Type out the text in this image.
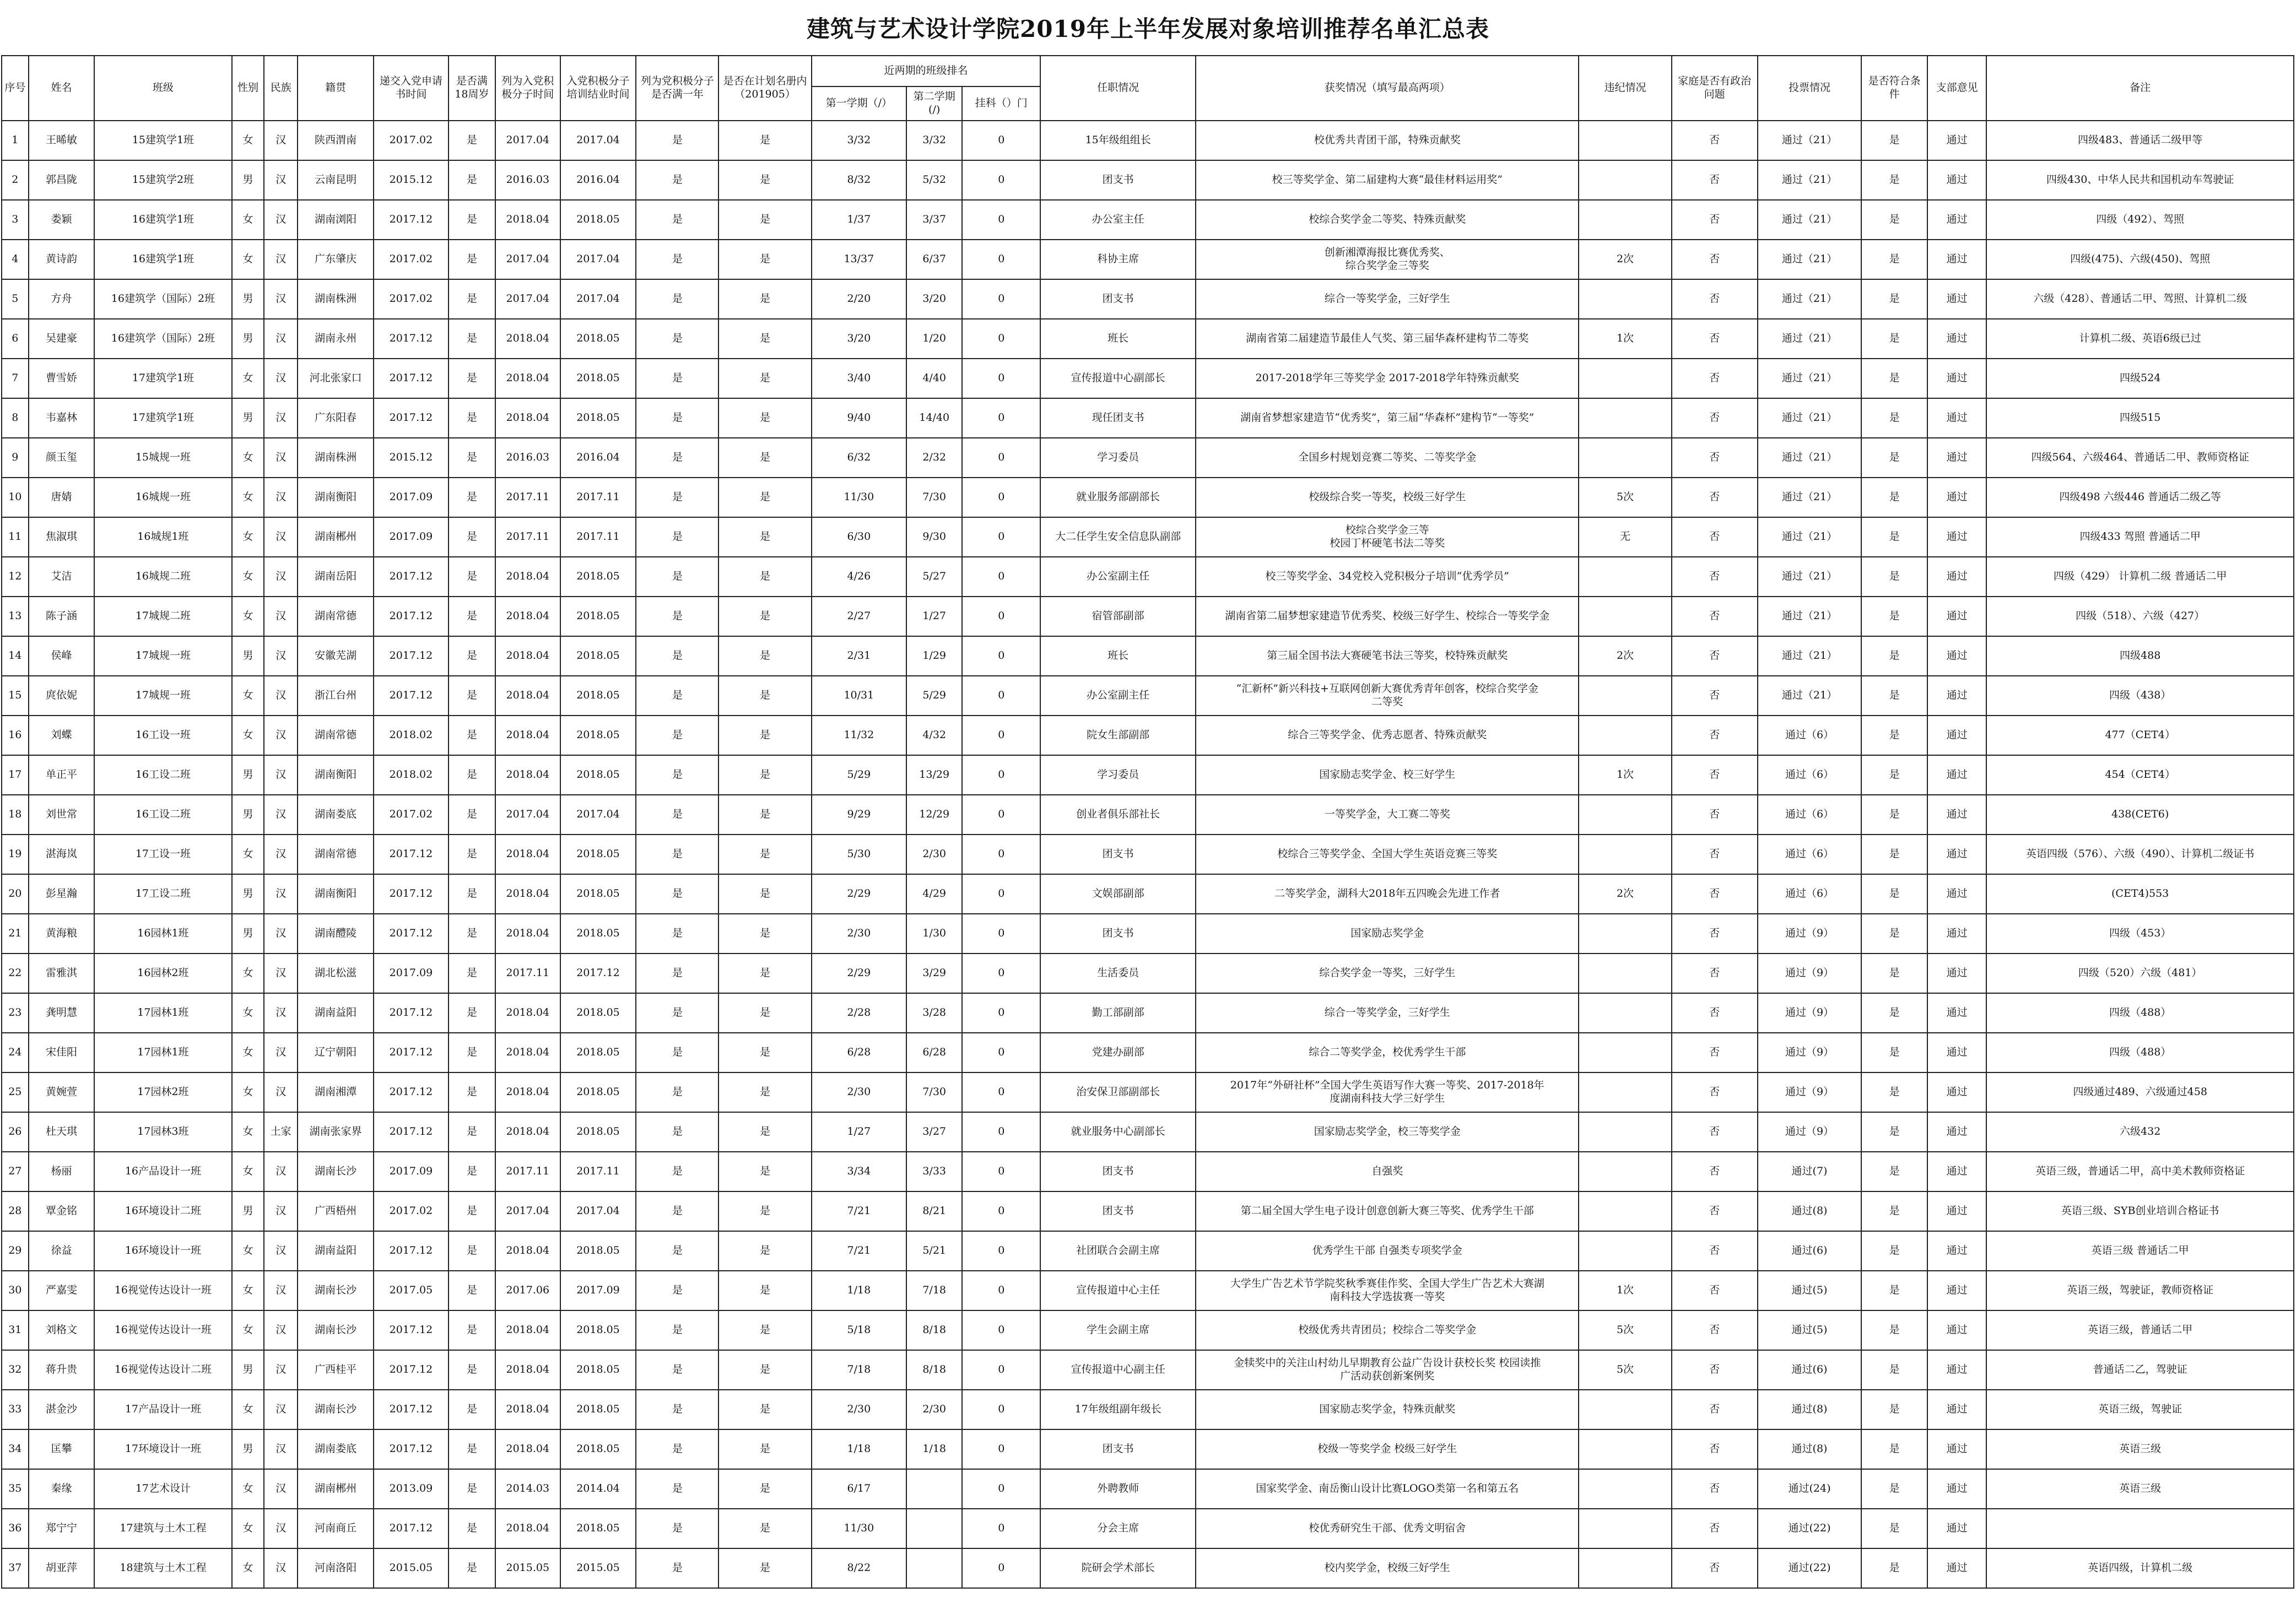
建筑与艺术设计学院2019年上半年发展对象培训推荐名单汇总表
序号	姓名	班级	性别	民族	籍贯	递交入党申请书时间	是否满18周岁	列为入党积极分子时间	入党积极分子培训结业时间	列为党积极分子是否满一年	是否在计划名册内（201905）	近两期的班级排名			任职情况	获奖情况（填写最高两项）	违纪情况	家庭是否有政治问题	投票情况	是否符合条件	支部意见	备注
												第一学期（/）	第二学期(/)	挂科（）门								
1	王晞敏	15建筑学1班	女	汉	陕西渭南	2017.02	是	2017.04	2017.04	是	是	3/32	3/32	0	15年级组组长	校优秀共青团干部，特殊贡献奖		否	通过（21）	是	通过	四级483、普通话二级甲等
2	郭昌陇	15建筑学2班	男	汉	云南昆明	2015.12	是	2016.03	2016.04	是	是	8/32	5/32	0	团支书	校三等奖学金、第二届建构大赛“最佳材料运用奖”		否	通过（21）	是	通过	四级430、中华人民共和国机动车驾驶证
3	娄颖	16建筑学1班	女	汉	湖南浏阳	2017.12	是	2018.04	2018.05	是	是	1/37	3/37	0	办公室主任	校综合奖学金二等奖、特殊贡献奖		否	通过（21）	是	通过	四级（492）、驾照
4	黄诗韵	16建筑学1班	女	汉	广东肇庆	2017.02	是	2017.04	2017.04	是	是	13/37	6/37	0	科协主席	创新湘潭海报比赛优秀奖、
综合奖学金三等奖	2次	否	通过（21）	是	通过	四级(475)、六级(450)、驾照
5	方舟	16建筑学（国际）2班	男	汉	湖南株洲	2017.02	是	2017.04	2017.04	是	是	2/20	3/20	0	团支书	综合一等奖学金，三好学生		否	通过（21）	是	通过	六级（428）、普通话二甲、驾照、计算机二级
6	吴建豪	16建筑学（国际）2班	男	汉	湖南永州	2017.12	是	2018.04	2018.05	是	是	3/20	1/20	0	班长	湖南省第二届建造节最佳人气奖、第三届华森杯建构节二等奖	1次	否	通过（21）	是	通过	计算机二级、英语6级已过
7	曹雪娇	17建筑学1班	女	汉	河北张家口	2017.12	是	2018.04	2018.05	是	是	3/40	4/40	0	宣传报道中心副部长	2017-2018学年三等奖学金 2017-2018学年特殊贡献奖		否	通过（21）	是	通过	四级524
8	韦嘉林	17建筑学1班	男	汉	广东阳春	2017.12	是	2018.04	2018.05	是	是	9/40	14/40	0	现任团支书	湖南省梦想家建造节“优秀奖”，第三届“华森杯”建构节“一等奖”		否	通过（21）	是	通过	四级515
9	颜玉玺	15城规一班	女	汉	湖南株洲	2015.12	是	2016.03	2016.04	是	是	6/32	2/32	0	学习委员	全国乡村规划竞赛二等奖、二等奖学金		否	通过（21）	是	通过	四级564、六级464、普通话二甲、教师资格证
10	唐婧	16城规一班	女	汉	湖南衡阳	2017.09	是	2017.11	2017.11	是	是	11/30	7/30	0	就业服务部副部长	校级综合奖一等奖，校级三好学生	5次	否	通过（21）	是	通过	四级498 六级446 普通话二级乙等
11	焦淑琪	16城规1班	女	汉	湖南郴州	2017.09	是	2017.11	2017.11	是	是	6/30	9/30	0	大二任学生安全信息队副部	校综合奖学金三等
校园丁杯硬笔书法二等奖	无	否	通过（21）	是	通过	四级433 驾照 普通话二甲
12	艾洁	16城规二班	女	汉	湖南岳阳	2017.12	是	2018.04	2018.05	是	是	4/26	5/27	0	办公室副主任	校三等奖学金、34党校入党积极分子培训“优秀学员”		否	通过（21）	是	通过	四级（429） 计算机二级 普通话二甲
13	陈子涵	17城规二班	女	汉	湖南常德	2017.12	是	2018.04	2018.05	是	是	2/27	1/27	0	宿管部副部	湖南省第二届梦想家建造节优秀奖、校级三好学生、校综合一等奖学金		否	通过（21）	是	通过	四级（518）、六级（427）
14	侯峰	17城规一班	男	汉	安徽芜湖	2017.12	是	2018.04	2018.05	是	是	2/31	1/29	0	班长	第三届全国书法大赛硬笔书法三等奖，校特殊贡献奖	2次	否	通过（21）	是	通过	四级488
15	庹依妮	17城规一班	女	汉	浙江台州	2017.12	是	2018.04	2018.05	是	是	10/31	5/29	0	办公室副主任	“汇新杯”新兴科技+互联网创新大赛优秀青年创客，校综合奖学金
二等奖		否	通过（21）	是	通过	四级（438）
16	刘蝶	16工设一班	女	汉	湖南常德	2018.02	是	2018.04	2018.05	是	是	11/32	4/32	0	院女生部副部	综合三等奖学金、优秀志愿者、特殊贡献奖		否	通过（6）	是	通过	477（CET4）
17	单正平	16工设二班	男	汉	湖南衡阳	2018.02	是	2018.04	2018.05	是	是	5/29	13/29	0	学习委员	国家励志奖学金、校三好学生	1次	否	通过（6）	是	通过	454（CET4）
18	刘世常	16工设二班	男	汉	湖南娄底	2017.02	是	2017.04	2017.04	是	是	9/29	12/29	0	创业者俱乐部社长	一等奖学金，大工赛二等奖		否	通过（6）	是	通过	438(CET6)
19	湛海岚	17工设一班	女	汉	湖南常德	2017.12	是	2018.04	2018.05	是	是	5/30	2/30	0	团支书	校综合三等奖学金、全国大学生英语竞赛三等奖		否	通过（6）	是	通过	英语四级（576）、六级（490）、计算机二级证书
20	彭星瀚	17工设二班	男	汉	湖南衡阳	2017.12	是	2018.04	2018.05	是	是	2/29	4/29	0	文娱部副部	二等奖学金，湖科大2018年五四晚会先进工作者	2次	否	通过（6）	是	通过	(CET4)553
21	黄海粮	16园林1班	男	汉	湖南醴陵	2017.12	是	2018.04	2018.05	是	是	2/30	1/30	0	团支书	国家励志奖学金		否	通过（9）	是	通过	四级（453）
22	雷雅淇	16园林2班	女	汉	湖北松滋	2017.09	是	2017.11	2017.12	是	是	2/29	3/29	0	生活委员	综合奖学金一等奖，三好学生		否	通过（9）	是	通过	四级（520）六级（481）
23	龚明慧	17园林1班	女	汉	湖南益阳	2017.12	是	2018.04	2018.05	是	是	2/28	3/28	0	勤工部副部	综合一等奖学金，三好学生		否	通过（9）	是	通过	四级（488）
24	宋佳阳	17园林1班	女	汉	辽宁朝阳	2017.12	是	2018.04	2018.05	是	是	6/28	6/28	0	党建办副部	综合二等奖学金，校优秀学生干部		否	通过（9）	是	通过	四级（488）
25	黄婉萱	17园林2班	女	汉	湖南湘潭	2017.12	是	2018.04	2018.05	是	是	2/30	7/30	0	治安保卫部副部长	2017年“外研社杯”全国大学生英语写作大赛一等奖、2017-2018年
度湖南科技大学三好学生		否	通过（9）	是	通过	四级通过489、六级通过458
26	杜天琪	17园林3班	女	土家	湖南张家界	2017.12	是	2018.04	2018.05	是	是	1/27	3/27	0	就业服务中心副部长	国家励志奖学金，校三等奖学金		否	通过（9）	是	通过	六级432
27	杨丽	16产品设计一班	女	汉	湖南长沙	2017.09	是	2017.11	2017.11	是	是	3/34	3/33	0	团支书	自强奖		否	通过(7)	是	通过	英语三级，普通话二甲，高中美术教师资格证
28	覃金铭	16环境设计二班	男	汉	广西梧州	2017.02	是	2017.04	2017.04	是	是	7/21	8/21	0	团支书	第二届全国大学生电子设计创意创新大赛三等奖、优秀学生干部		否	通过(8)	是	通过	英语三级、SYB创业培训合格证书
29	徐益	16环境设计一班	女	汉	湖南益阳	2017.12	是	2018.04	2018.05	是	是	7/21	5/21	0	社团联合会副主席	优秀学生干部 自强类专项奖学金		否	通过(6)	是	通过	英语三级 普通话二甲
30	严嘉雯	16视觉传达设计一班	女	汉	湖南长沙	2017.05	是	2017.06	2017.09	是	是	1/18	7/18	0	宣传报道中心主任	大学生广告艺术节学院奖秋季赛佳作奖、全国大学生广告艺术大赛湖
南科技大学选拔赛一等奖	1次	否	通过(5)	是	通过	英语三级，驾驶证，教师资格证
31	刘格文	16视觉传达设计一班	女	汉	湖南长沙	2017.12	是	2018.04	2018.05	是	是	5/18	8/18	0	学生会副主席	校级优秀共青团员；校综合二等奖学金	5次	否	通过(5)	是	通过	英语三级，普通话二甲
32	蒋升贵	16视觉传达设计二班	男	汉	广西桂平	2017.12	是	2018.04	2018.05	是	是	7/18	8/18	0	宣传报道中心副主任	金犊奖中的关注山村幼儿早期教育公益广告设计获校长奖 校园读推
广活动获创新案例奖	5次	否	通过(6)	是	通过	普通话二乙，驾驶证
33	湛金沙	17产品设计一班	女	汉	湖南长沙	2017.12	是	2018.04	2018.05	是	是	2/30	2/30	0	17年级组副年级长	国家励志奖学金，特殊贡献奖		否	通过(8)	是	通过	英语三级，驾驶证
34	匡攀	17环境设计一班	男	汉	湖南娄底	2017.12	是	2018.04	2018.05	是	是	1/18	1/18	0	团支书	校级一等奖学金 校级三好学生		否	通过(8)	是	通过	英语三级
35	秦缘	17艺术设计	女	汉	湖南郴州	2013.09	是	2014.03	2014.04	是	是	6/17		0	外聘教师	国家奖学金、南岳衡山设计比赛LOGO类第一名和第五名		否	通过(24)	是	通过	英语三级
36	郑宁宁	17建筑与土木工程	女	汉	河南商丘	2017.12	是	2018.04	2018.05	是	是	11/30		0	分会主席	校优秀研究生干部、优秀文明宿舍		否	通过(22)	是	通过	
37	胡亚萍	18建筑与土木工程	女	汉	河南洛阳	2015.05	是	2015.05	2015.05	是	是	8/22		0	院研会学术部长	校内奖学金，校级三好学生		否	通过(22)	是	通过	英语四级，计算机二级
